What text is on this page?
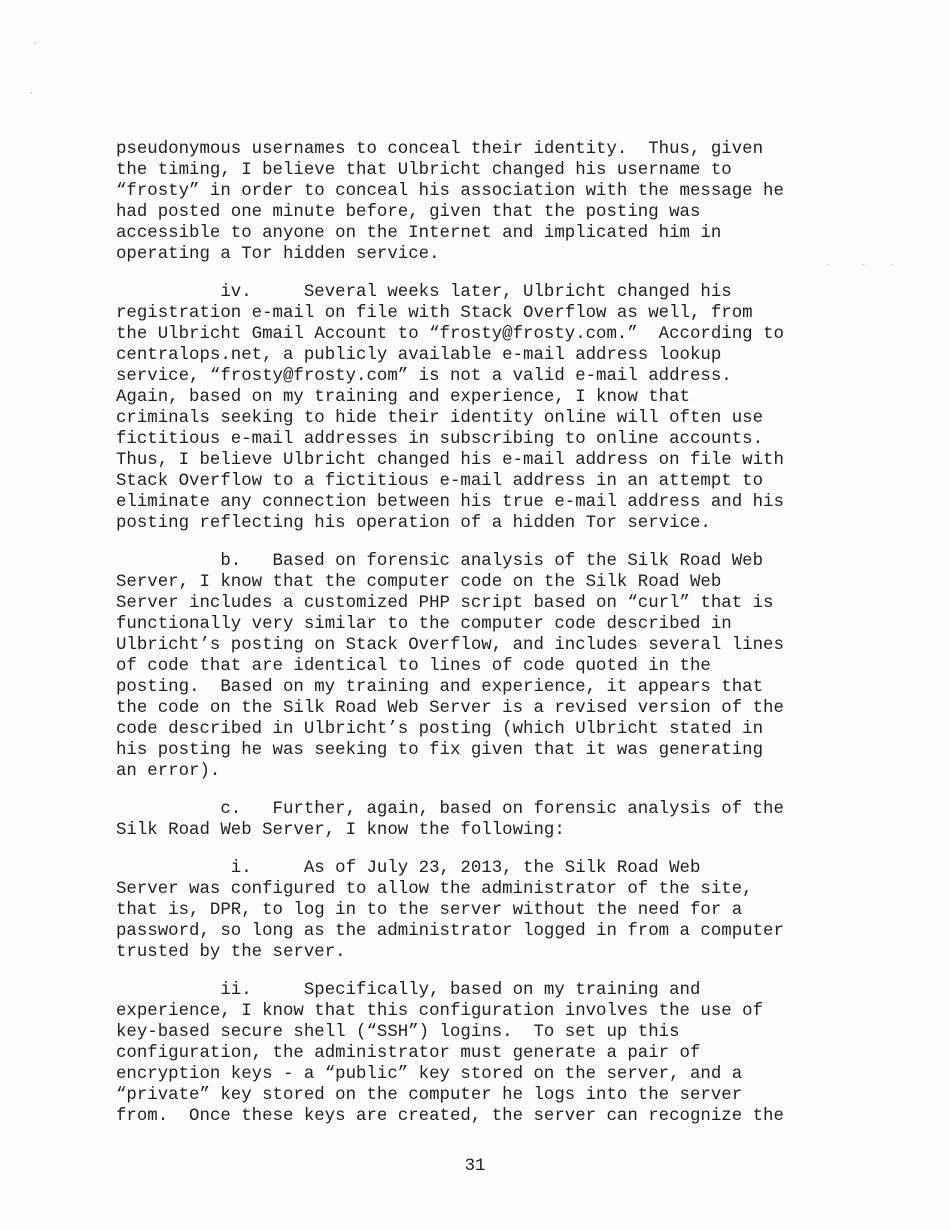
pseudonymous usernames to conceal their identity.  Thus, given
the timing, I believe that Ulbricht changed his username to
“frosty” in order to conceal his association with the message he
had posted one minute before, given that the posting was
accessible to anyone on the Internet and implicated him in
operating a Tor hidden service.
iv.     Several weeks later, Ulbricht changed his
registration e-mail on file with Stack Overflow as well, from
the Ulbricht Gmail Account to “frosty@frosty.com.”  According to
centralops.net, a publicly available e-mail address lookup
service, “frosty@frosty.com” is not a valid e-mail address.
Again, based on my training and experience, I know that
criminals seeking to hide their identity online will often use
fictitious e-mail addresses in subscribing to online accounts.
Thus, I believe Ulbricht changed his e-mail address on file with
Stack Overflow to a fictitious e-mail address in an attempt to
eliminate any connection between his true e-mail address and his
posting reflecting his operation of a hidden Tor service.
b.   Based on forensic analysis of the Silk Road Web
Server, I know that the computer code on the Silk Road Web
Server includes a customized PHP script based on “curl” that is
functionally very similar to the computer code described in
Ulbricht’s posting on Stack Overflow, and includes several lines
of code that are identical to lines of code quoted in the
posting.  Based on my training and experience, it appears that
the code on the Silk Road Web Server is a revised version of the
code described in Ulbricht’s posting (which Ulbricht stated in
his posting he was seeking to fix given that it was generating
an error).
c.   Further, again, based on forensic analysis of the
Silk Road Web Server, I know the following:
i.     As of July 23, 2013, the Silk Road Web
Server was configured to allow the administrator of the site,
that is, DPR, to log in to the server without the need for a
password, so long as the administrator logged in from a computer
trusted by the server.
ii.     Specifically, based on my training and
experience, I know that this configuration involves the use of
key-based secure shell (“SSH”) logins.  To set up this
configuration, the administrator must generate a pair of
encryption keys - a “public” key stored on the server, and a
“private” key stored on the computer he logs into the server
from.  Once these keys are created, the server can recognize the
31
